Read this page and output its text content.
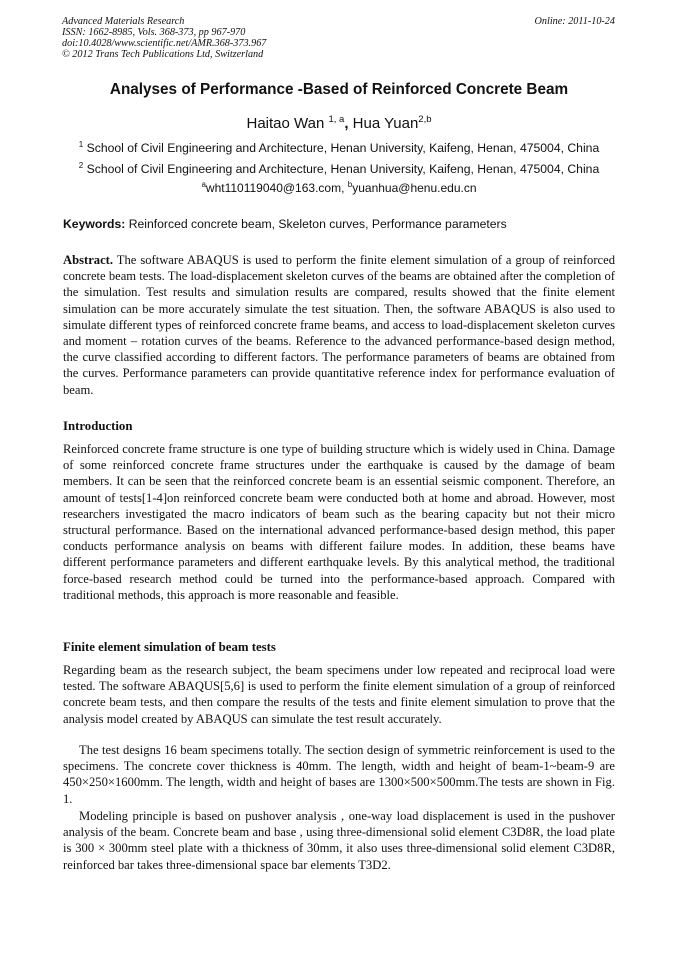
Advanced Materials Research
ISSN: 1662-8985, Vols. 368-373, pp 967-970
doi:10.4028/www.scientific.net/AMR.368-373.967
© 2012 Trans Tech Publications Ltd, Switzerland
Online: 2011-10-24
Analyses of Performance -Based of Reinforced Concrete Beam
Haitao Wan $^{1, a}$, Hua Yuan$^{2,b}$
$^1$ School of Civil Engineering and Architecture, Henan University, Kaifeng, Henan, 475004, China
$^2$ School of Civil Engineering and Architecture, Henan University, Kaifeng, Henan, 475004, China
$^a$wht110119040@163.com, $^b$yuanhua@henu.edu.cn
Keywords: Reinforced concrete beam, Skeleton curves, Performance parameters

Abstract. The software ABAQUS is used to perform the finite element simulation of a group of reinforced concrete beam tests. The load-displacement skeleton curves of the beams are obtained after the completion of the simulation. Test results and simulation results are compared, results showed that the finite element simulation can be more accurately simulate the test situation. Then, the software ABAQUS is also used to simulate different types of reinforced concrete frame beams, and access to load-displacement skeleton curves and moment – rotation curves of the beams. Reference to the advanced performance-based design method, the curve classified according to different factors. The performance parameters of beams are obtained from the curves. Performance parameters can provide quantitative reference index for performance evaluation of beam.

Introduction

Reinforced concrete frame structure is one type of building structure which is widely used in China. Damage of some reinforced concrete frame structures under the earthquake is caused by the damage of beam members. It can be seen that the reinforced concrete beam is an essential seismic component. Therefore, an amount of tests[1-4]on reinforced concrete beam were conducted both at home and abroad. However, most researchers investigated the macro indicators of beam such as the bearing capacity but not their micro structural performance. Based on the international advanced performance-based design method, this paper conducts performance analysis on beams with different failure modes. In addition, these beams have different performance parameters and different earthquake levels. By this analytical method, the traditional force-based research method could be turned into the performance-based approach. Compared with traditional methods, this approach is more reasonable and feasible.

Finite element simulation of beam tests

Regarding beam as the research subject, the beam specimens under low repeated and reciprocal load were tested. The software ABAQUS[5,6] is used to perform the finite element simulation of a group of reinforced concrete beam tests, and then compare the results of the tests and finite element simulation to prove that the analysis model created by ABAQUS can simulate the test result accurately.

The test designs 16 beam specimens totally. The section design of symmetric reinforcement is used to the specimens. The concrete cover thickness is 40mm. The length, width and height of beam-1~beam-9 are 450×250×1600mm. The length, width and height of bases are 1300×500×500mm.The tests are shown in Fig. 1.

Modeling principle is based on pushover analysis , one-way load displacement is used in the pushover analysis of the beam. Concrete beam and base , using three-dimensional solid element C3D8R, the load plate is 300 × 300mm steel plate with a thickness of 30mm, it also uses three-dimensional solid element C3D8R, reinforced bar takes three-dimensional space bar elements T3D2.
